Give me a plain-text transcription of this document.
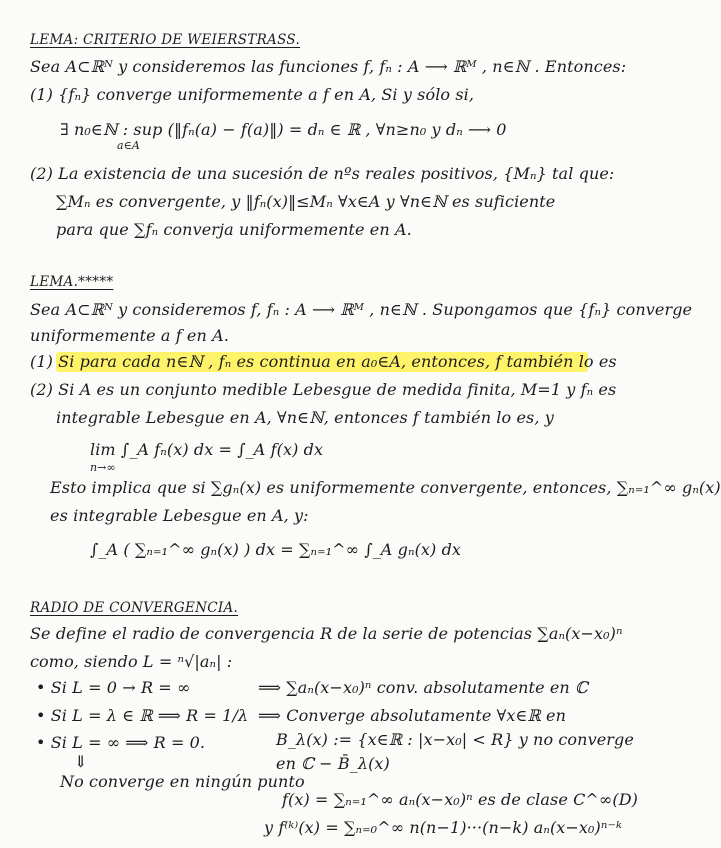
LEMA: CRITERIO DE WEIERSTRASS.
Sea A⊂ℝᴺ y consideremos las funciones f, fₙ : A ⟶ ℝᴹ , n∈ℕ . Entonces:
(1) {fₙ} converge uniformemente a f en A, Si y sólo si,
∃ n₀∈ℕ : sup (‖fₙ(a) − f(a)‖) = dₙ ∈ ℝ , ∀n≥n₀ y dₙ ⟶ 0
a∈A
(2) La existencia de una sucesión de nºs reales positivos, {Mₙ} tal que:
∑Mₙ es convergente, y ‖fₙ(x)‖≤Mₙ ∀x∈A y ∀n∈ℕ es suficiente
para que ∑fₙ converja uniformemente en A.
LEMA.*****
Sea A⊂ℝᴺ y consideremos f, fₙ : A ⟶ ℝᴹ , n∈ℕ . Supongamos que {fₙ} converge
uniformemente a f en A.
(1) Si para cada n∈ℕ , fₙ es continua en a₀∈A, entonces, f también lo es
(2) Si A es un conjunto medible Lebesgue de medida finita, M=1 y fₙ es
integrable Lebesgue en A, ∀n∈ℕ, entonces f también lo es, y
lim ∫_A fₙ(x) dx = ∫_A f(x) dx
n→∞
Esto implica que si ∑gₙ(x) es uniformemente convergente, entonces, ∑ₙ₌₁^∞ gₙ(x)
es integrable Lebesgue en A, y:
∫_A ( ∑ₙ₌₁^∞ gₙ(x) ) dx = ∑ₙ₌₁^∞ ∫_A gₙ(x) dx
RADIO DE CONVERGENCIA.
Se define el radio de convergencia R de la serie de potencias ∑aₙ(x−x₀)ⁿ
como, siendo L = ⁿ√|aₙ| :
• Si L = 0 → R = ∞	⟹ ∑aₙ(x−x₀)ⁿ conv. absolutamente en ℂ
• Si L = λ ∈ ℝ ⟹ R = 1/λ ⟹ Converge absolutamente ∀x∈ℝ en
B_λ(x) := {x∈ℝ : |x−x₀| < R} y no converge
en ℂ − B̄_λ(x)
• Si L = ∞ ⟹ R = 0.
⇓
No converge en ningún punto
f(x) = ∑ₙ₌₁^∞ aₙ(x−x₀)ⁿ es de clase C^∞(D)
y f⁽ᵏ⁾(x) = ∑ₙ₌₀^∞ n(n−1)···(n−k) aₙ(x−x₀)ⁿ⁻ᵏ
